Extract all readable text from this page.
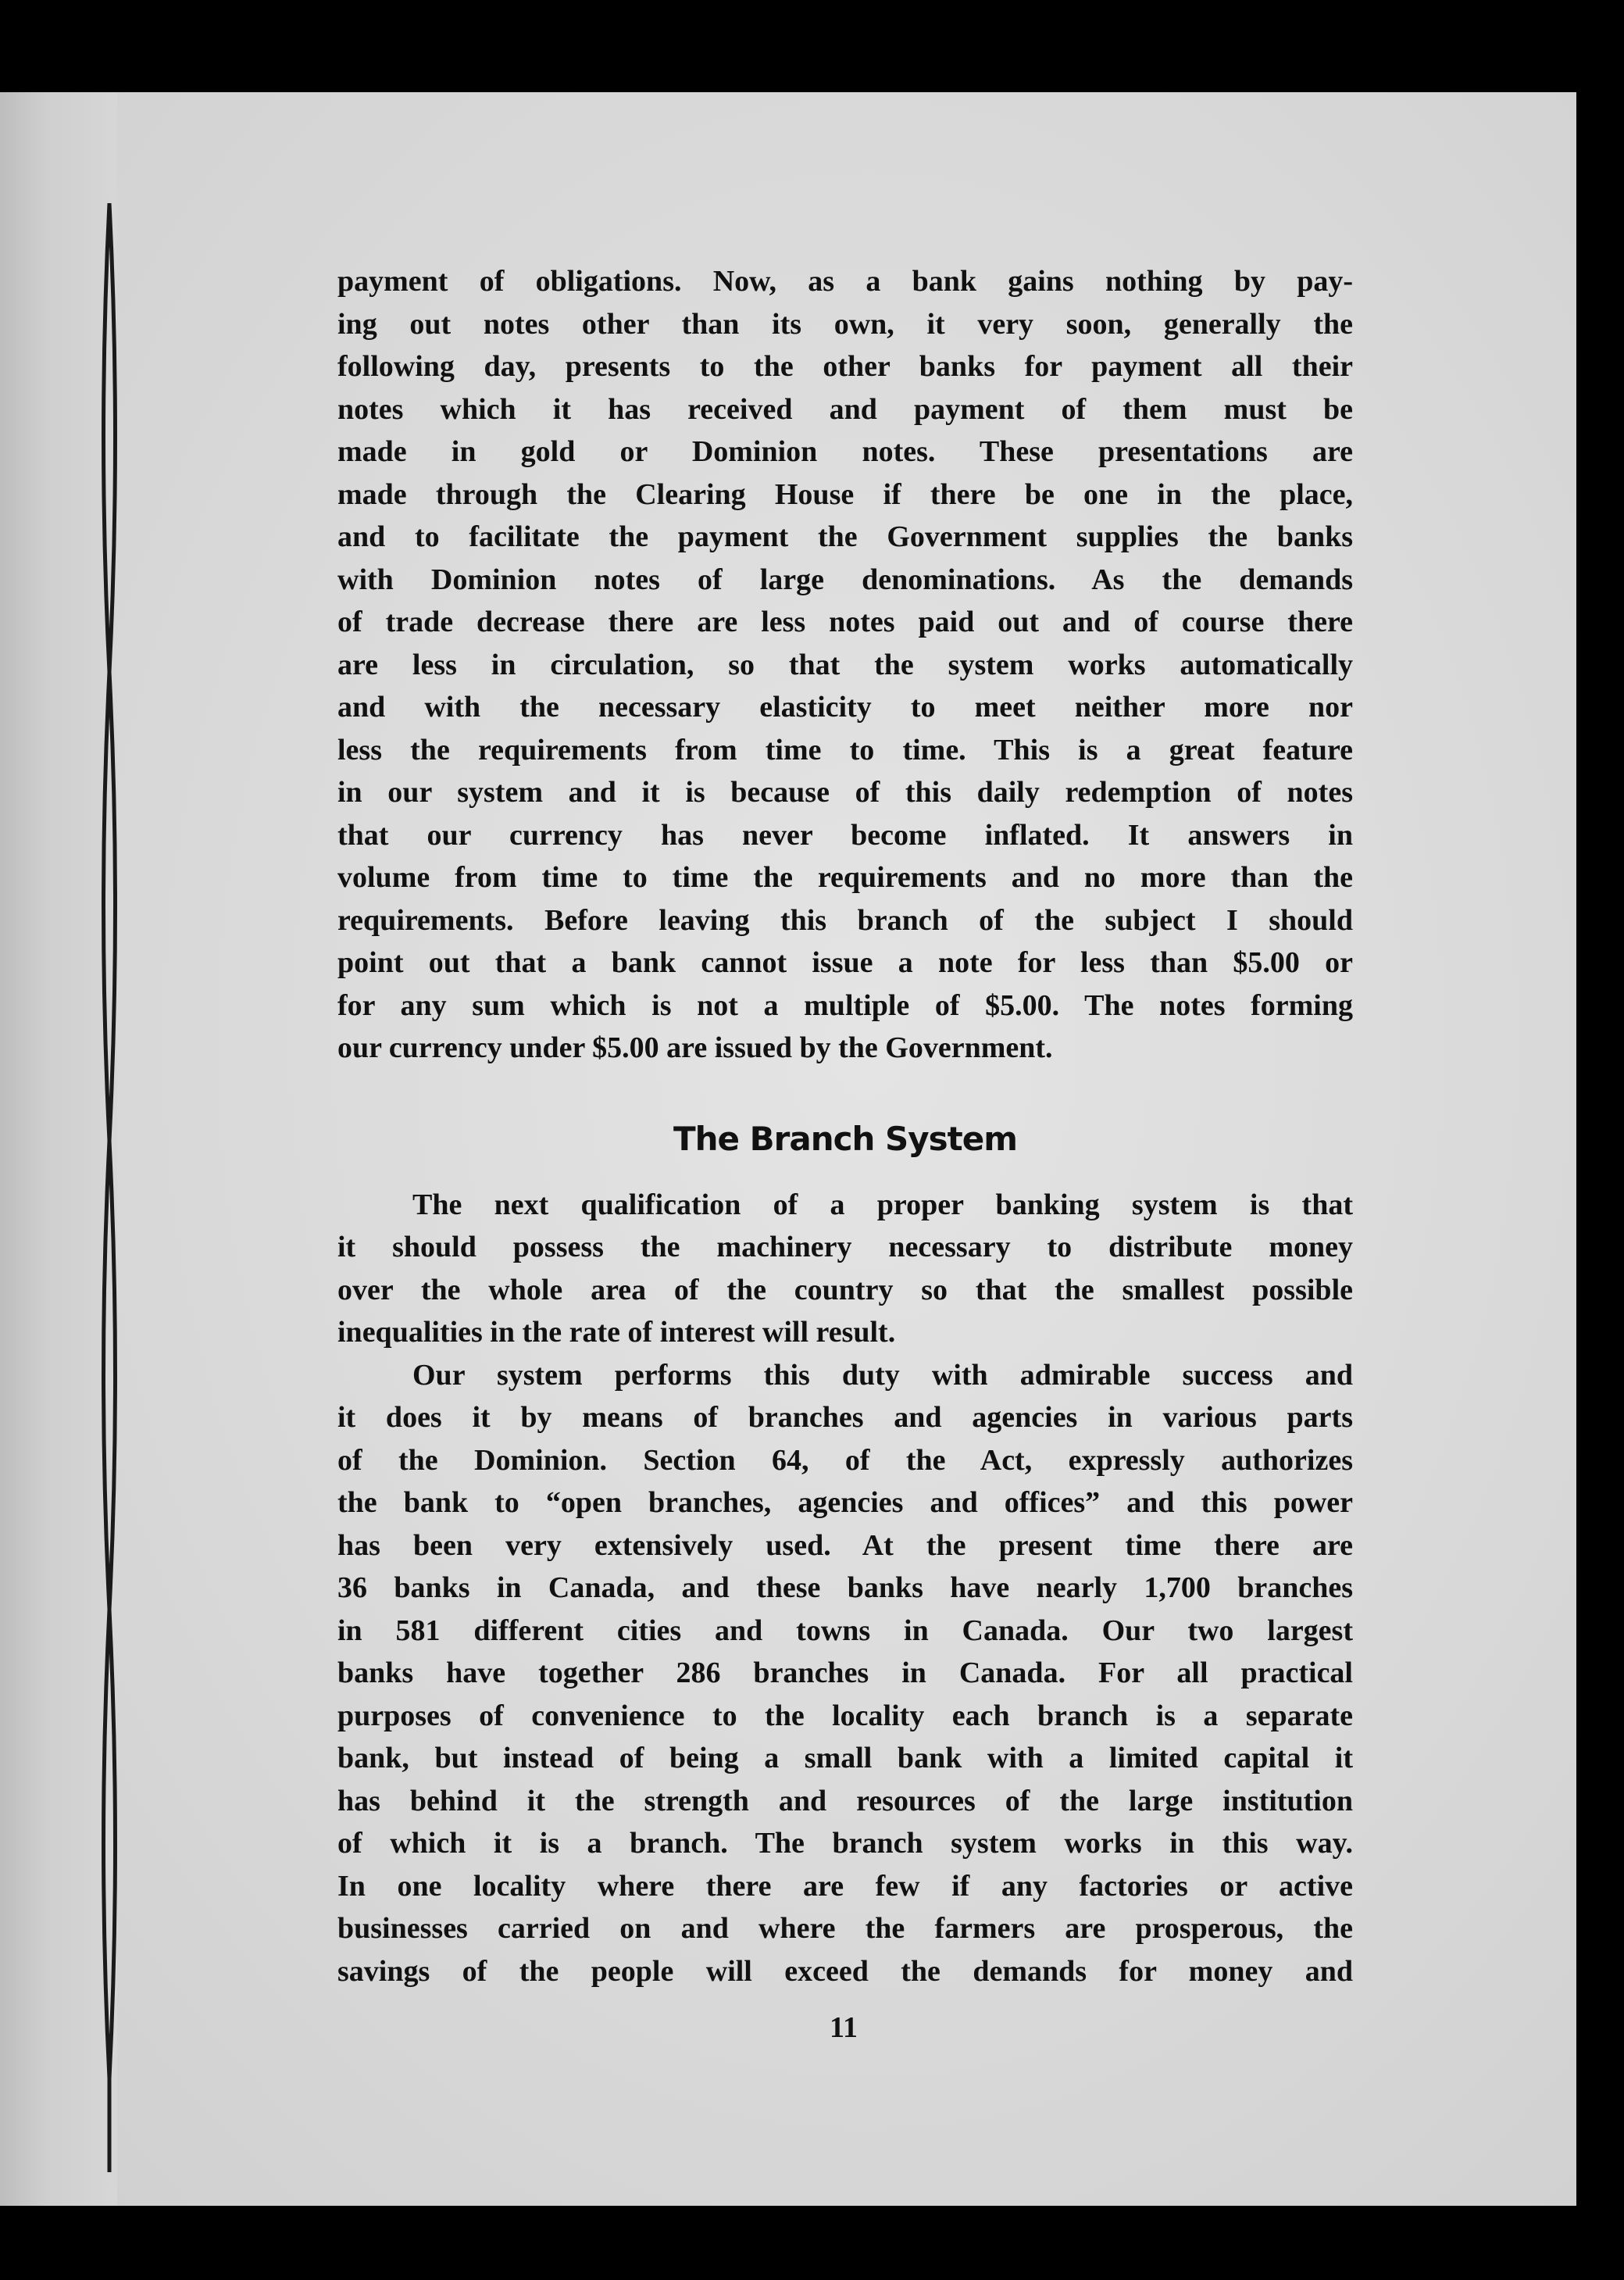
payment of obligations. Now, as a bank gains nothing by pay-
ing out notes other than its own, it very soon, generally the
following day, presents to the other banks for payment all their
notes which it has received and payment of them must be
made in gold or Dominion notes. These presentations are
made through the Clearing House if there be one in the place,
and to facilitate the payment the Government supplies the banks
with Dominion notes of large denominations. As the demands
of trade decrease there are less notes paid out and of course there
are less in circulation, so that the system works automatically
and with the necessary elasticity to meet neither more nor
less the requirements from time to time. This is a great feature
in our system and it is because of this daily redemption of notes
that our currency has never become inflated. It answers in
volume from time to time the requirements and no more than the
requirements. Before leaving this branch of the subject I should
point out that a bank cannot issue a note for less than $5.00 or
for any sum which is not a multiple of $5.00. The notes forming
our currency under $5.00 are issued by the Government.

The Branch System

The next qualification of a proper banking system is that
it should possess the machinery necessary to distribute money
over the whole area of the country so that the smallest possible
inequalities in the rate of interest will result.

Our system performs this duty with admirable success and
it does it by means of branches and agencies in various parts
of the Dominion. Section 64, of the Act, expressly authorizes
the bank to “open branches, agencies and offices” and this power
has been very extensively used. At the present time there are
36 banks in Canada, and these banks have nearly 1,700 branches
in 581 different cities and towns in Canada. Our two largest
banks have together 286 branches in Canada. For all practical
purposes of convenience to the locality each branch is a separate
bank, but instead of being a small bank with a limited capital it
has behind it the strength and resources of the large institution
of which it is a branch. The branch system works in this way.
In one locality where there are few if any factories or active
businesses carried on and where the farmers are prosperous, the
savings of the people will exceed the demands for money and

11
